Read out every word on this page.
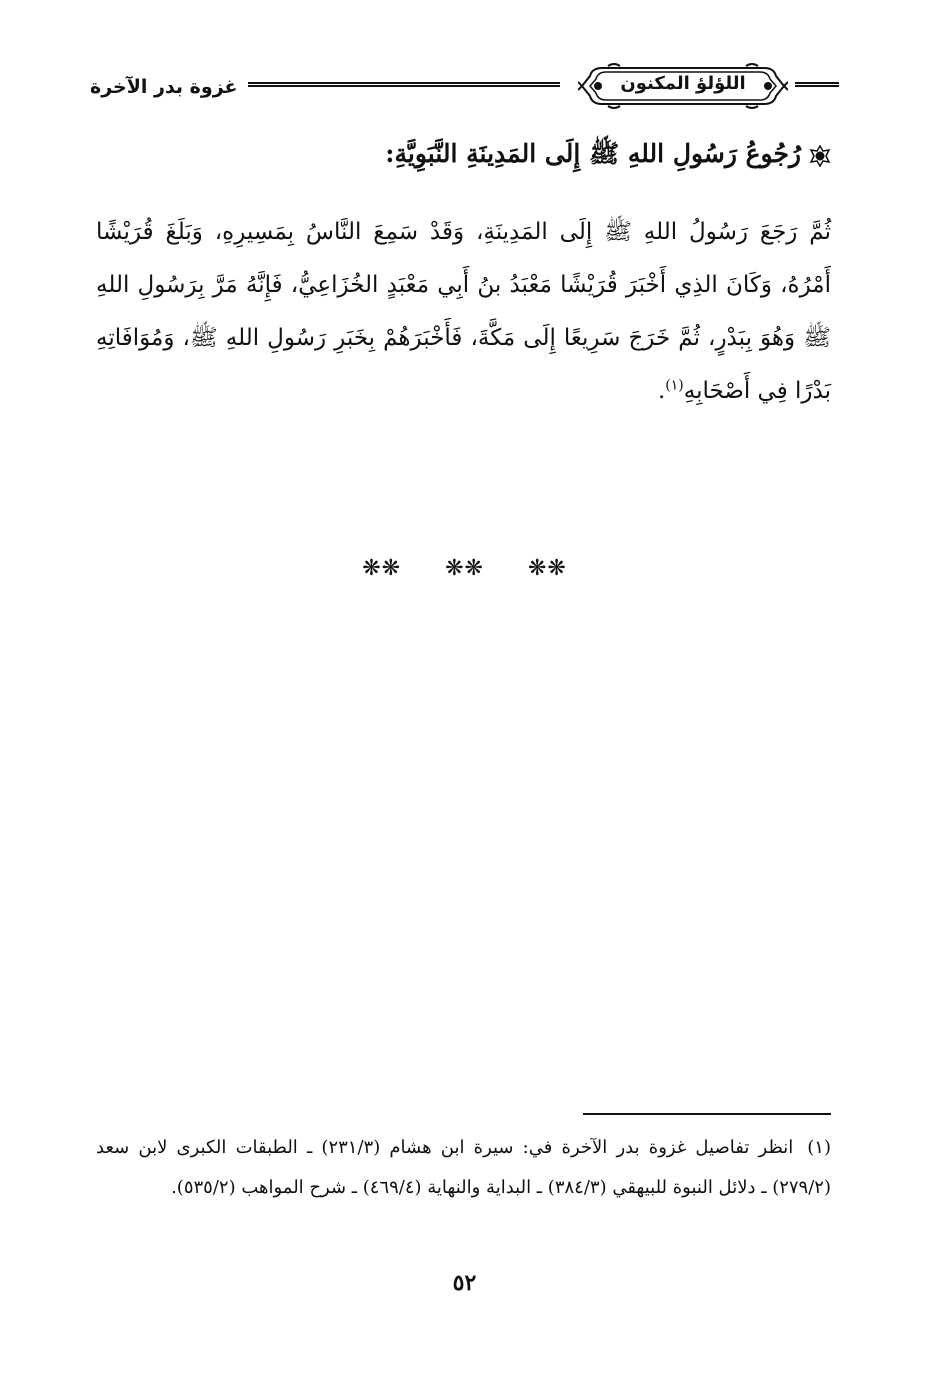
غزوة بدر الآخرة	اللؤلؤ المكنون
رُجُوعُ رَسُولِ اللهِ ﷺ إِلَى المَدِينَةِ النَّبَوِيَّةِ:
ثُمَّ رَجَعَ رَسُولُ اللهِ ﷺ إِلَى المَدِينَةِ، وَقَدْ سَمِعَ النَّاسُ بِمَسِيرِهِ، وَبَلَغَ قُرَيْشًا أَمْرُهُ، وَكَانَ الذِي أَخْبَرَ قُرَيْشًا مَعْبَدُ بنُ أَبِي مَعْبَدٍ الخُزَاعِيُّ، فَإِنَّهُ مَرَّ بِرَسُولِ اللهِ ﷺ وَهُوَ بِبَدْرٍ، ثُمَّ خَرَجَ سَرِيعًا إِلَى مَكَّةَ، فَأَخْبَرَهُمْ بِخَبَرِ رَسُولِ اللهِ ﷺ، وَمُوَافَاتِهِ بَدْرًا فِي أَصْحَابِهِ$^{(١)}$.
❋❋ ❋❋ ❋❋
(١)انظر تفاصيل غزوة بدر الآخرة في: سيرة ابن هشام (٢٣١/٣) ـ الطبقات الكبرى لابن سعد (٢٧٩/٢) ـ دلائل النبوة للبيهقي (٣٨٤/٣) ـ البداية والنهاية (٤٦٩/٤) ـ شرح المواهب (٥٣٥/٢).
٥٢
